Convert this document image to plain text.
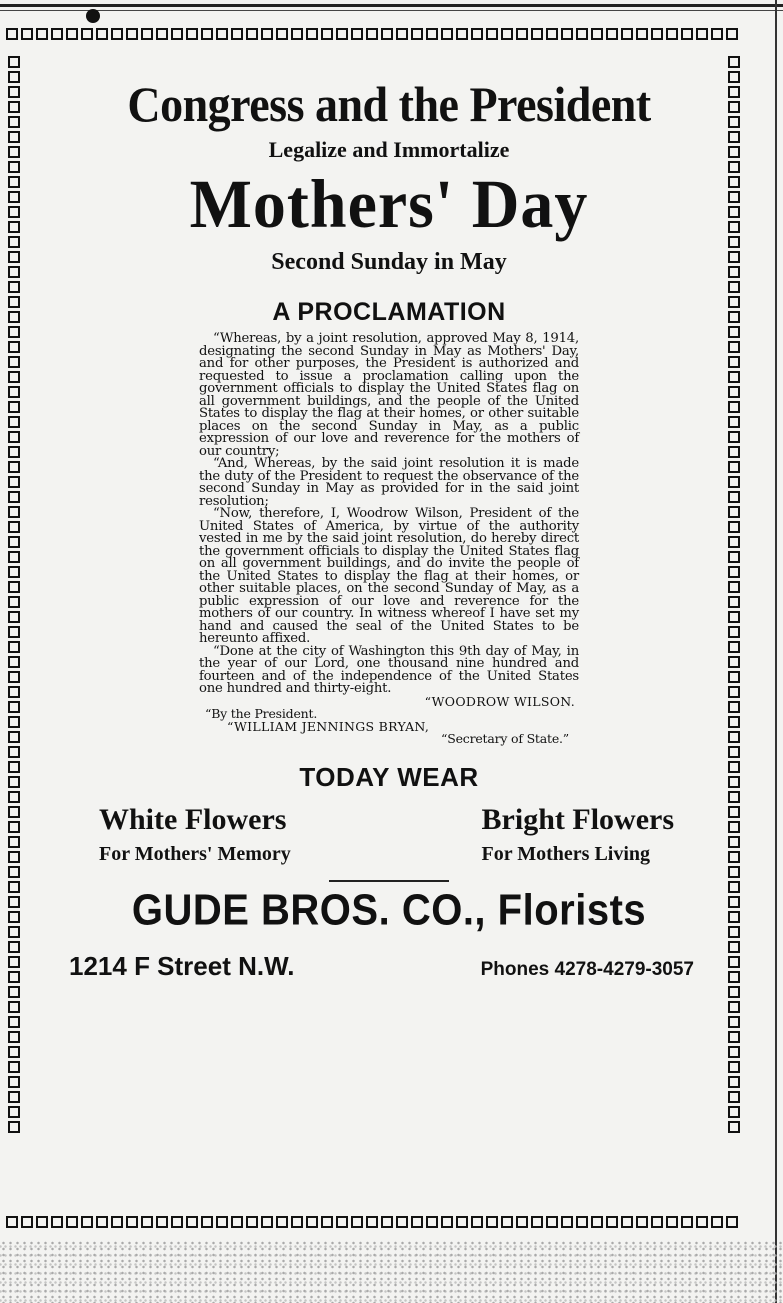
Congress and the President
Legalize and Immortalize
Mothers' Day
Second Sunday in May
A PROCLAMATION

“Whereas, by a joint resolution, approved May 8, 1914, designating the second Sunday in May as Mothers' Day, and for other purposes, the President is authorized and requested to issue a proclamation calling upon the government officials to display the United States flag on all government buildings, and the people of the United States to display the flag at their homes, or other suitable places on the second Sunday in May, as a public expression of our love and reverence for the mothers of our country;

“And, Whereas, by the said joint resolution it is made the duty of the President to request the observance of the second Sunday in May as provided for in the said joint resolution;

“Now, therefore, I, Woodrow Wilson, President of the United States of America, by virtue of the authority vested in me by the said joint resolution, do hereby direct the government officials to display the United States flag on all government buildings, and do invite the people of the United States to display the flag at their homes, or other suitable places, on the second Sunday of May, as a public expression of our love and reverence for the mothers of our country. In witness whereof I have set my hand and caused the seal of the United States to be hereunto affixed.

“Done at the city of Washington this 9th day of May, in the year of our Lord, one thousand nine hundred and fourteen and of the independence of the United States one hundred and thirty-eight.

“WOODROW WILSON.
“By the President.
“WILLIAM JENNINGS BRYAN,
“Secretary of State.”
TODAY WEAR
White Flowers
For Mothers' Memory
Bright Flowers
For Mothers Living
GUDE BROS. CO., Florists
1214 F Street N.W.	Phones 4278-4279-3057
